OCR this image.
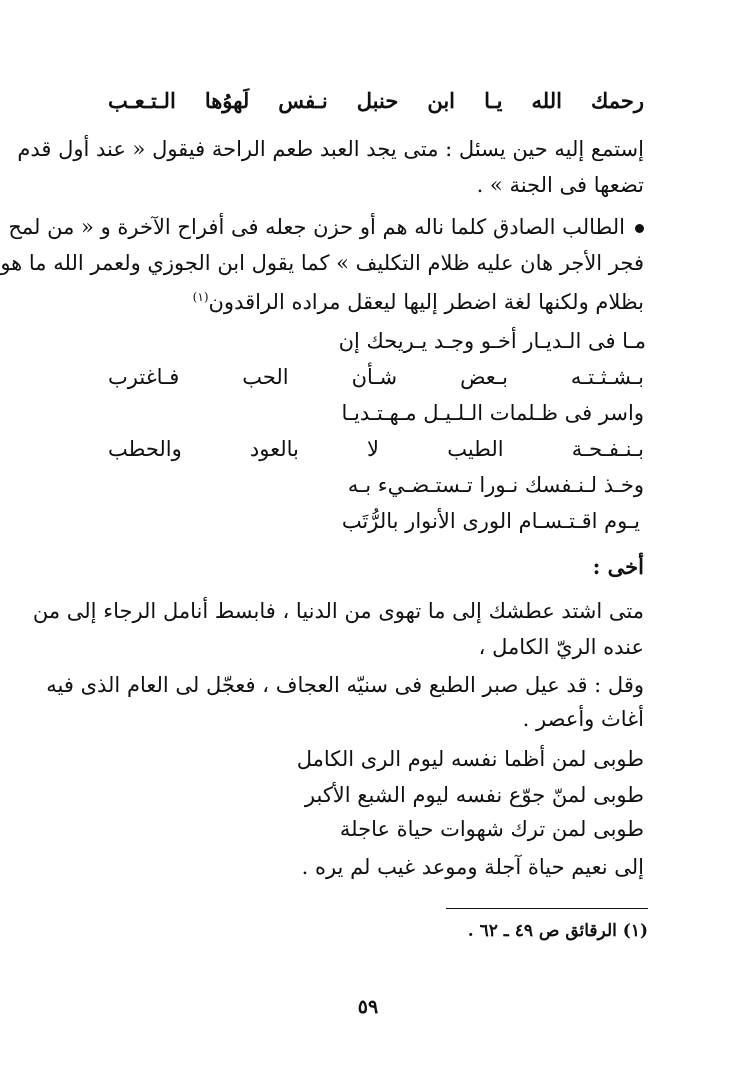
رحمك الله يـا ابن حنبل نـفس لَهوُها الـتـعـب
إستمع إليه حين يسئل : متى يجد العبد طعم الراحة فيقول « عند أول قدم
تضعها فى الجنة » .
الطالب الصادق كلما ناله هم أو حزن جعله فى أفراح الآخرة و « من لمح
فجر الأجر هان عليه ظلام التكليف » كما يقول ابن الجوزي ولعمر الله ما هو
بظلام ولكنها لغة اضطر إليها ليعقل مراده الراقدون$^{(١)}$
مـا فى الـديـار أخـو وجـد يـريحك إن
بـشـثـتـه بـعض شـأن الحب فـاغترب
واسر فى ظـلمات الـلـيـل مـهـتـديـا
بـنـفـحـة الطيب لا بالعود والحطب
وخـذ لـنـفسك نـورا تـستـضـيء بـه
يـوم اقـتـسـام الورى الأنوار بالرُّتَب
أخى :
متى اشتد عطشك إلى ما تهوى من الدنيا ، فابسط أنامل الرجاء إلى من
عنده الريّ الكامل ،
وقل : قد عيل صبر الطبع فى سنيّه العجاف ، فعجّل لى العام الذى فيه
أغاث وأعصر .
طوبى لمن أظما نفسه ليوم الرى الكامل
طوبى لمنّ جوّع نفسه ليوم الشبع الأكبر
طوبى لمن ترك شهوات حياة عاجلة
إلى نعيم حياة آجلة وموعد غيب لم يره .
(١) الرقائق ص ٤٩ ـ ٦٢ .
٥٩
